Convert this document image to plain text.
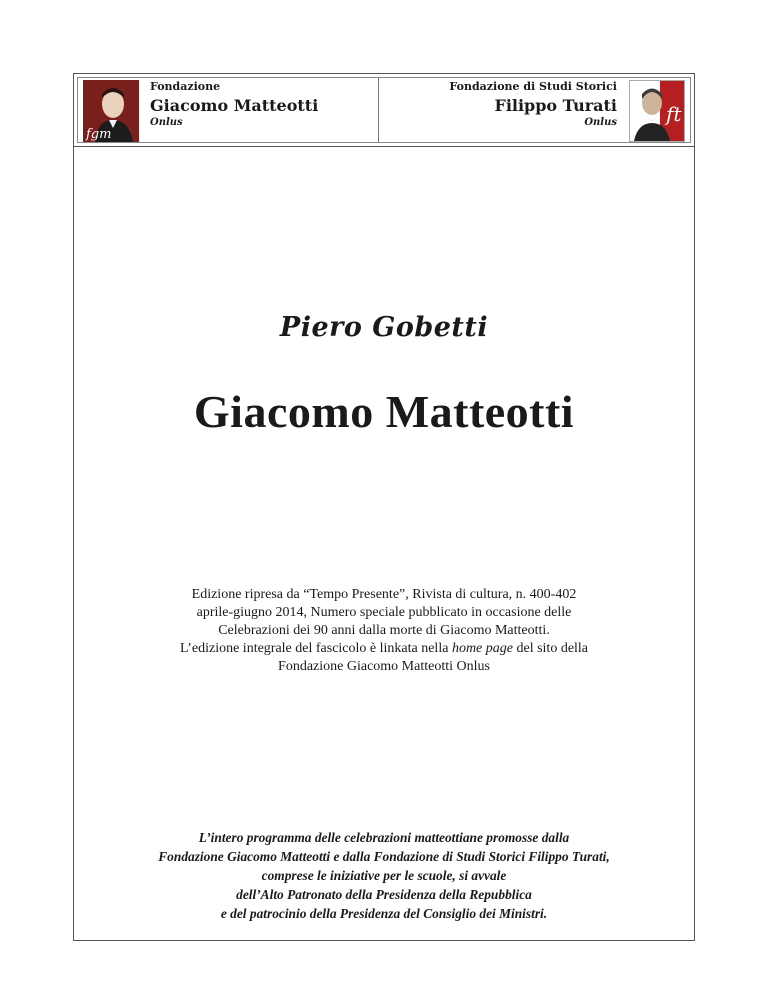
fgm
Fondazione
Giacomo Matteotti
Onlus
Fondazione di Studi Storici
Filippo Turati
Onlus ft
Piero Gobetti
Giacomo Matteotti

Edizione ripresa da “Tempo Presente”, Rivista di cultura, n. 400-402

aprile-giugno 2014, Numero speciale pubblicato in occasione delle

Celebrazioni dei 90 anni dalla morte di Giacomo Matteotti.

L’edizione integrale del fascicolo è linkata nella home page del sito della

Fondazione Giacomo Matteotti Onlus

L’intero programma delle celebrazioni matteottiane promosse dalla

Fondazione Giacomo Matteotti e dalla Fondazione di Studi Storici Filippo Turati,

comprese le iniziative per le scuole, si avvale

dell’Alto Patronato della Presidenza della Repubblica

e del patrocinio della Presidenza del Consiglio dei Ministri.
